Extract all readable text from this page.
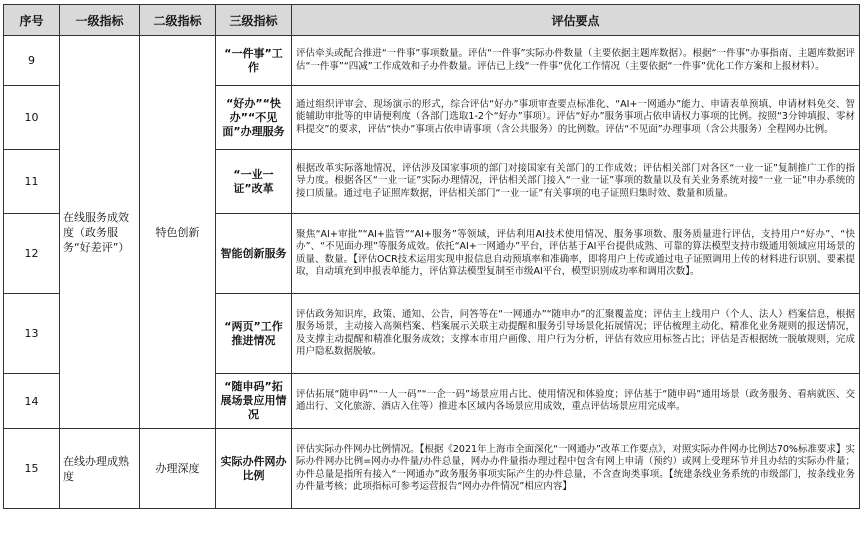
序号	一级指标	二级指标	三级指标	评估要点
9	在线服务成效度（政务服务“好差评”）	特色创新	“一件事”工作	评估牵头或配合推进“一件事”事项数量。评估“一件事”实际办件数量（主要依据主题库数据）。根据“一件事”办事指南、主题库数据评估“一件事”“四减”工作成效和子办件数量。评估已上线“一件事”优化工作情况（主要依据“一件事”优化工作方案和上报材料）。
10			“好办”“快办”“不见面”办理服务	通过组织评审会、现场演示的形式，综合评估“好办”事项审查要点标准化、“AI+一网通办”能力、申请表单预填、申请材料免交、智能辅助审批等的申请便利度（各部门选取1-2个“好办”事项）。评估“好办”服务事项占依申请权力事项的比例。按照“3分钟填报、零材料提交”的要求，评估“快办”事项占依申请事项（含公共服务）的比例数。评估“不见面”办理事项（含公共服务）全程网办比例。
11			“一业一证”改革	根据改革实际落地情况，评估涉及国家事项的部门对接国家有关部门的工作成效；评估相关部门对各区“一业一证”复制推广工作的指导力度。根据各区“一业一证”实际办理情况，评估相关部门接入“一业一证”事项的数量以及有关业务系统对接“一业一证”申办系统的接口质量。通过电子证照库数据，评估相关部门“一业一证”有关事项的电子证照归集时效、数量和质量。
12			智能创新服务	聚焦“AI+审批”“AI+监管”“AI+服务”等领域，评估利用AI技术使用情况、服务事项数、服务质量进行评估，支持用户“好办”、“快办”、“不见面办理”等服务成效。依托“AI+一网通办”平台，评估基于AI平台提供成熟、可靠的算法模型支持市级通用领域应用场景的质量、数量。【评估OCR技术运用实现申报信息自动预填率和准确率，即将用户上传或通过电子证照调用上传的材料进行识别、要素提取，自动填充到申报表单能力，评估算法模型复制至市级AI平台，模型识别成功率和调用次数】。
13			“两页”工作推进情况	评估政务知识库，政策、通知、公告，问答等在“一网通办”“随申办”的汇聚覆盖度；评估主上线用户（个人、法人）档案信息，根据服务场景，主动接入高频档案、档案展示关联主动提醒和服务引导场景化拓展情况；评估梳理主动化、精准化业务规则的报送情况，及支撑主动提醒和精准化服务成效；支撑本市用户画像、用户行为分析，评估有效应用标签占比；评估是否根据统一脱敏规则，完成用户隐私数据脱敏。
14			“随申码”拓展场景应用情况	评估拓展“随申码”“一人一码”“一企一码”场景应用占比、使用情况和体验度；评估基于“随申码”通用场景（政务服务、看病就医、交通出行、文化旅游、酒店入住等）推进本区域内各场景应用成效，重点评估场景应用完成率。
15	在线办理成熟度	办理深度	实际办件网办比例	评估实际办件网办比例情况。【根据《2021年上海市全面深化“一网通办”改革工作要点》，对照实际办件网办比例达70%标准要求】实际办件网办比例=网办办件量/办件总量，网办办件量指办理过程中包含有网上申请（预约）或网上受理环节并且办结的实际办件量；办件总量是指所有接入“一网通办”政务服务事项实际产生的办件总量，不含查询类事项。【统建条线业务系统的市级部门，按条线业务办件量考核；此项指标可参考运营报告“网办办件情况”相应内容】
